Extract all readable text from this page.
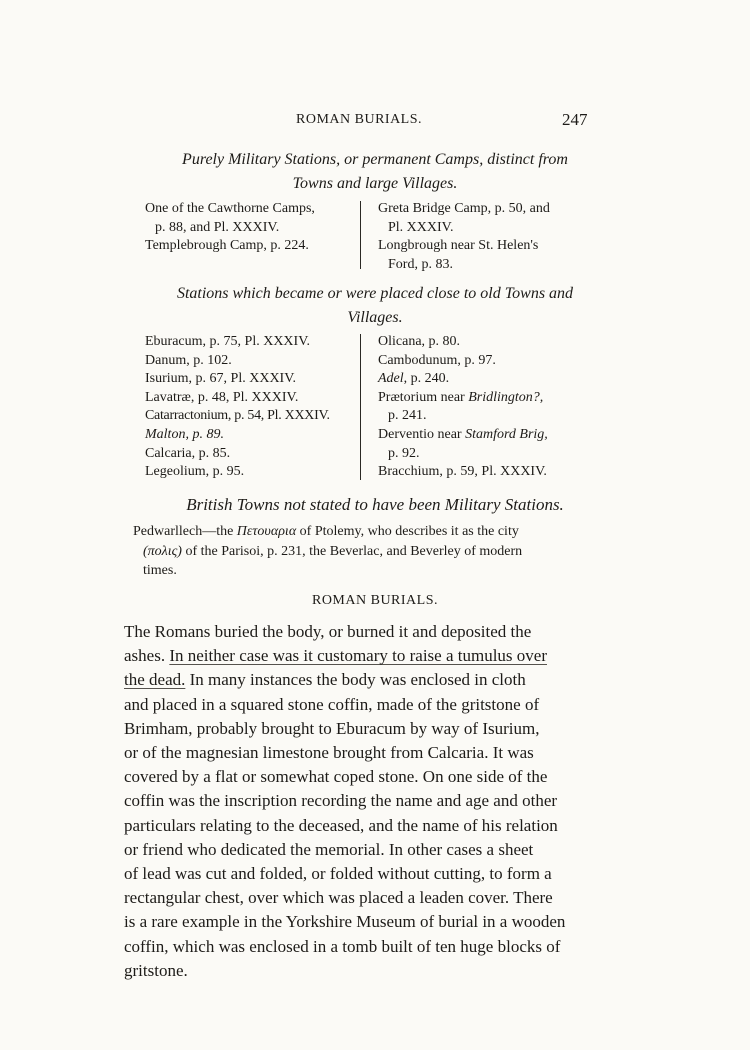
ROMAN BURIALS.	247
Purely Military Stations, or permanent Camps, distinct from
Towns and large Villages.
One of the Cawthorne Camps,
p. 88, and Pl. XXXIV.
Templebrough Camp, p. 224.
Greta Bridge Camp, p. 50, and
Pl. XXXIV.
Longbrough near St. Helen's
Ford, p. 83.
Stations which became or were placed close to old Towns and
Villages.
Eburacum, p. 75, Pl. XXXIV.
Danum, p. 102.
Isurium, p. 67, Pl. XXXIV.
Lavatræ, p. 48, Pl. XXXIV.
Catarractonium, p. 54, Pl. XXXIV.
Malton, p. 89.
Calcaria, p. 85.
Legeolium, p. 95.
Olicana, p. 80.
Cambodunum, p. 97.
Adel, p. 240.
Prætorium near Bridlington?,
p. 241.
Derventio near Stamford Brig,
p. 92.
Bracchium, p. 59, Pl. XXXIV.
British Towns not stated to have been Military Stations.
Pedwarllech—the Πετουαρια of Ptolemy, who describes it as the city
(πολις) of the Parisoi, p. 231, the Beverlac, and Beverley of modern
times.
ROMAN BURIALS.
The Romans buried the body, or burned it and deposited the
ashes. In neither case was it customary to raise a tumulus over
the dead. In many instances the body was enclosed in cloth
and placed in a squared stone coffin, made of the gritstone of
Brimham, probably brought to Eburacum by way of Isurium,
or of the magnesian limestone brought from Calcaria. It was
covered by a flat or somewhat coped stone. On one side of the
coffin was the inscription recording the name and age and other
particulars relating to the deceased, and the name of his relation
or friend who dedicated the memorial. In other cases a sheet
of lead was cut and folded, or folded without cutting, to form a
rectangular chest, over which was placed a leaden cover. There
is a rare example in the Yorkshire Museum of burial in a wooden
coffin, which was enclosed in a tomb built of ten huge blocks of
gritstone.
